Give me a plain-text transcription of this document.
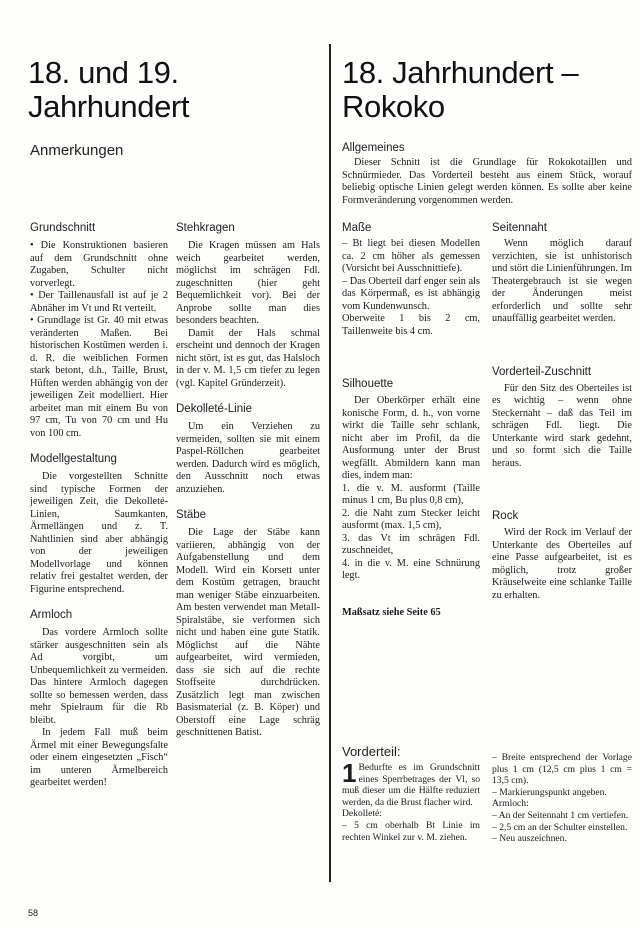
18. und 19.
Jahrhundert
Anmerkungen
Grundschnitt
• Die Konstruktionen basieren auf dem Grundschnitt ohne Zugaben, Schulter nicht vorverlegt.
• Der Taillenausfall ist auf je 2 Abnäher im Vt und Rt verteilt.
• Grundlage ist Gr. 40 mit etwas veränderten Maßen. Bei historischen Kostümen werden i. d. R. die weiblichen Formen stark betont, d.h., Taille, Brust, Hüften werden abhängig von der jeweiligen Zeit modelliert. Hier arbeitet man mit einem Bu von 97 cm, Tu von 70 cm und Hu von 100 cm.
Modellgestaltung
Die vorgestellten Schnitte sind typische Formen der jeweiligen Zeit, die Dekolleté-Linien, Saumkanten, Ärmellängen und z. T. Nahtlinien sind aber abhängig von der jeweiligen Modellvorlage und können relativ frei gestaltet werden, der Figurine entsprechend.
Armloch
Das vordere Armloch sollte stärker ausgeschnitten sein als Ad vorgibt, um Unbequemlichkeit zu vermeiden. Das hintere Armloch dagegen sollte so bemessen werden, dass mehr Spielraum für die Rb bleibt.
In jedem Fall muß beim Ärmel mit einer Bewegungsfalte oder einem eingesetzten „Fisch“ im unteren Ärmelbereich gearbeitet werden!
Stehkragen
Die Kragen müssen am Hals weich gearbeitet werden, möglichst im schrägen Fdl. zugeschnitten (hier geht Bequemlichkeit vor). Bei der Anprobe sollte man dies besonders beachten.
Damit der Hals schmal erscheint und dennoch der Kragen nicht stört, ist es gut, das Halsloch in der v. M. 1,5 cm tiefer zu legen (vgl. Kapitel Gründerzeit).
Dekolleté-Linie
Um ein Verziehen zu vermeiden, sollten sie mit einem Paspel-Röllchen gearbeitet werden. Dadurch wird es möglich, den Ausschnitt noch etwas anzuziehen.
Stäbe
Die Lage der Stäbe kann variieren, abhängig von der Aufgabenstellung und dem Modell. Wird ein Korsett unter dem Kostüm getragen, braucht man weniger Stäbe einzuarbeiten. Am besten verwendet man Metall-Spiralstäbe, sie verformen sich nicht und haben eine gute Statik. Möglichst auf die Nähte aufgearbeitet, wird vermieden, dass sie sich auf die rechte Stoffseite durchdrücken. Zusätzlich legt man zwischen Basismaterial (z. B. Köper) und Oberstoff eine Lage schräg geschnittenen Batist.
58
18. Jahrhundert –
Rokoko
Allgemeines
Dieser Schnitt ist die Grundlage für Rokokotaillen und Schnürmieder. Das Vorderteil besteht aus einem Stück, worauf beliebig optische Linien gelegt werden können. Es sollte aber keine Formveränderung vorgenommen werden.
Maße
– Bt liegt bei diesen Modellen ca. 2 cm höher als gemessen (Vorsicht bei Ausschnittiefe).
– Das Oberteil darf enger sein als das Körpermaß, es ist abhängig vom Kundenwunsch.
Oberweite 1 bis 2 cm, Taillenweite bis 4 cm.
Silhouette
Der Oberkörper erhält eine konische Form, d. h., von vorne wirkt die Taille sehr schlank, nicht aber im Profil, da die Ausformung unter der Brust wegfällt. Abmildern kann man dies, indem man:
1. die v. M. ausformt (Taille minus 1 cm, Bu plus 0,8 cm),
2. die Naht zum Stecker leicht ausformt (max. 1,5 cm),
3. das Vt im schrägen Fdl. zuschneidet,
4. in die v. M. eine Schnürung legt.
Maßsatz siehe Seite 65
Seitennaht
Wenn möglich darauf verzichten, sie ist unhistorisch und stört die Linienführungen. Im Theatergebrauch ist sie wegen der Änderungen meist erforderlich und sollte sehr unauffällig gearbeitet werden.
Vorderteil-Zuschnitt
Für den Sitz des Oberteiles ist es wichtig – wenn ohne Steckernaht – daß das Teil im schrägen Fdl. liegt. Die Unterkante wird stark gedehnt, und so formt sich die Taille heraus.
Rock
Wird der Rock im Verlauf der Unterkante des Oberteiles auf eine Passe aufgearbeitet, ist es möglich, trotz großer Kräuselweite eine schlanke Taille zu erhalten.
Vorderteil:
1 Bedurfte es im Grundschnitt eines Sperrbetrages der Vl, so muß dieser um die Hälfte reduziert werden, da die Brust flacher wird.
Dekolleté:
– 5 cm oberhalb Bt Linie im rechten Winkel zur v. M. ziehen.
– Breite entsprechend der Vorlage plus 1 cm (12,5 cm plus 1 cm = 13,5 cm).
– Markierungspunkt angeben.
Armloch:
– An der Seitennaht 1 cm vertiefen.
– 2,5 cm an der Schulter einstellen.
– Neu auszeichnen.
